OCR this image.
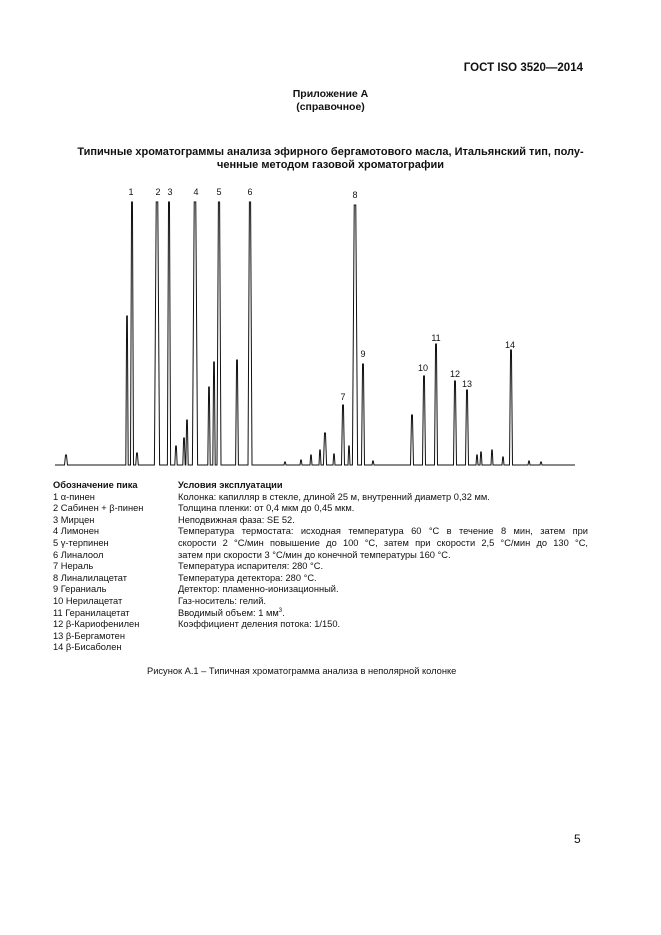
ГОСТ ISO 3520—2014
Приложение А
(справочное)
Типичные хроматограммы анализа эфирного бергамотового масла, Итальянский тип, полу-
ченные методом газовой хроматографии
1 2 3 4 5	6
7
8
9
10
11
12
13
14
Обозначение пика
1 α-пинен
2 Сабинен + β-пинен
3 Мирцен
4 Лимонен
5 γ-терпинен
6 Линалоол
7 Нераль
8 Линалилацетат
9 Гераниаль
10 Нерилацетат
11 Геранилацетат
12 β-Кариофенилен
13 β-Бергамотен
14 β-Бисаболен
Условия эксплуатации
Колонка: капилляр в стекле, длиной 25 м, внутренний диаметр 0,32 мм.
Толщина пленки: от 0,4 мкм до 0,45 мкм.
Неподвижная фаза: SE 52.
Температура термостата: исходная температура 60 °С в течение 8 мин, затем при
скорости 2 °С/мин повышение до 100 °С, затем при скорости 2,5 °С/мин до 130 °С,
затем при скорости 3 °С/мин до конечной температуры 160 °С.
Температура испарителя: 280 °С.
Температура детектора: 280 °С.
Детектор: пламенно-ионизационный.
Газ-носитель: гелий.
Вводимый объем: 1 $мм^3$.
Коэффициент деления потока: 1/150.
Рисунок А.1 – Типичная хроматограмма анализа в неполярной колонке
5
